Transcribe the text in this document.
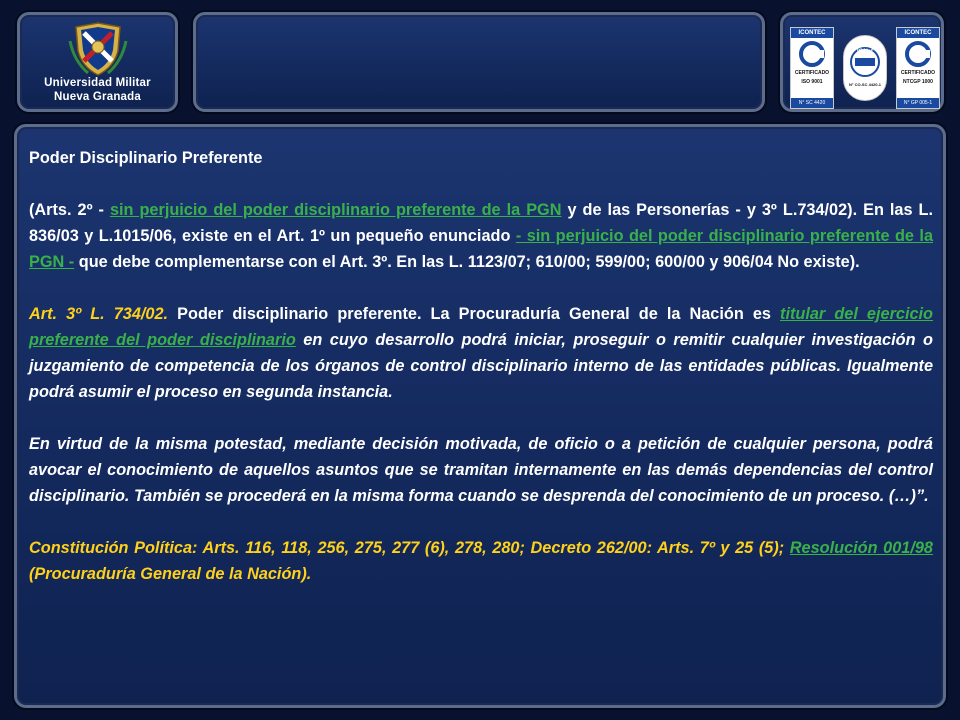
Universidad Militar
Nueva Granada
ICONTEC
CERTIFICADO
ISO 9001
N° SC 4420
IQNet
N° CO-SC 4420-1
ICONTEC
CERTIFICADO
NTCGP 1000
N° GP 005-1

Poder Disciplinario Preferente

(Arts. 2º - sin perjuicio del poder disciplinario preferente de la PGN y de las Personerías - y 3º L.734/02). En las L. 836/03 y L.1015/06, existe en el Art. 1º un pequeño enunciado - sin perjuicio del poder disciplinario preferente de la PGN - que debe complementarse con el Art. 3º. En las L. 1123/07; 610/00; 599/00; 600/00 y 906/04 No existe).

Art. 3º L. 734/02. Poder disciplinario preferente. La Procuraduría General de la Nación es titular del ejercicio preferente del poder disciplinario en cuyo desarrollo podrá iniciar, proseguir o remitir cualquier investigación o juzgamiento de competencia de los órganos de control disciplinario interno de las entidades públicas. Igualmente podrá asumir el proceso en segunda instancia.

En virtud de la misma potestad, mediante decisión motivada, de oficio o a petición de cualquier persona, podrá avocar el conocimiento de aquellos asuntos que se tramitan internamente en las demás dependencias del control disciplinario. También se procederá en la misma forma cuando se desprenda del conocimiento de un proceso. (…)”.

Constitución Política: Arts. 116, 118, 256, 275, 277 (6), 278, 280; Decreto 262/00: Arts. 7º y 25 (5); Resolución 001/98 (Procuraduría General de la Nación).
